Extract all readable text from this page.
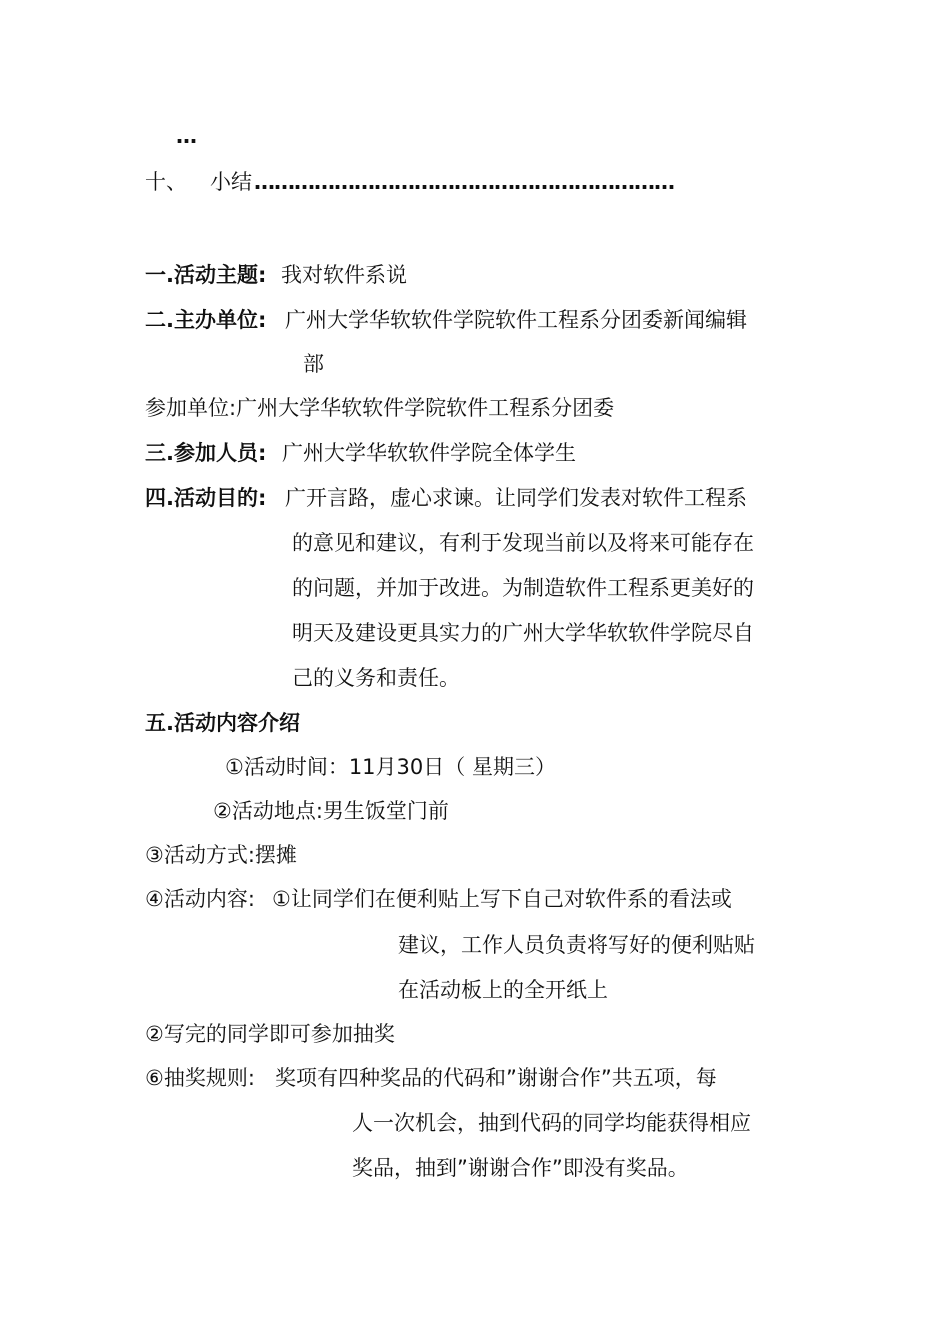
…
十、 小结 ………………………………………………………
一.活动主题: 我对软件系说
二.主办单位: 广州大学华软软件学院软件工程系分团委新闻编辑
部
参加单位:广州大学华软软件学院软件工程系分团委
三.参加人员: 广州大学华软软件学院全体学生
四.活动目的: 广开言路，虚心求谏。让同学们发表对软件工程系
的意见和建议，有利于发现当前以及将来可能存在
的问题，并加于改进。为制造软件工程系更美好的
明天及建设更具实力的广州大学华软软件学院尽自
己的义务和责任。
五.活动内容介绍
①活动时间：11月30日（ 星期三）
②活动地点:男生饭堂门前
③活动方式:摆摊
④活动内容: ①让同学们在便利贴上写下自己对软件系的看法或
建议，工作人员负责将写好的便利贴贴
在活动板上的全开纸上
②写完的同学即可参加抽奖
⑥抽奖规则: 奖项有四种奖品的代码和”谢谢合作”共五项，每
人一次机会，抽到代码的同学均能获得相应
奖品，抽到”谢谢合作”即没有奖品。
